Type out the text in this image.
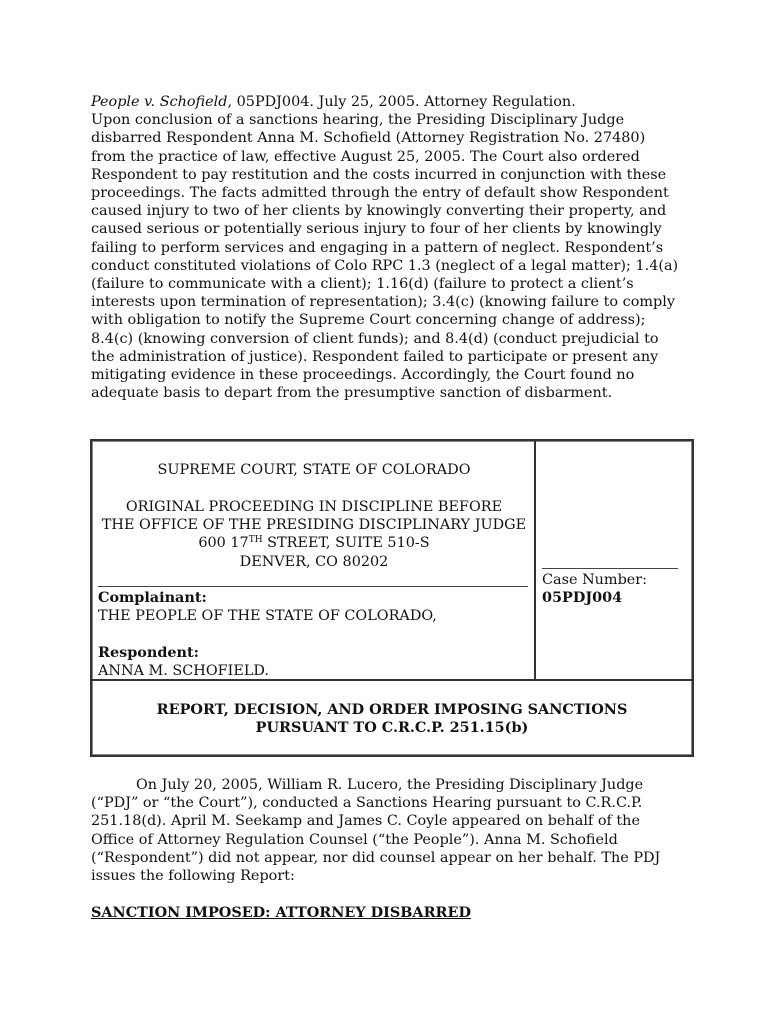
People v. Schofield, 05PDJ004. July 25, 2005. Attorney Regulation.

Upon conclusion of a sanctions hearing, the Presiding Disciplinary Judge

disbarred Respondent Anna M. Schofield (Attorney Registration No. 27480)

from the practice of law, effective August 25, 2005. The Court also ordered

Respondent to pay restitution and the costs incurred in conjunction with these

proceedings. The facts admitted through the entry of default show Respondent

caused injury to two of her clients by knowingly converting their property, and

caused serious or potentially serious injury to four of her clients by knowingly

failing to perform services and engaging in a pattern of neglect. Respondent’s

conduct constituted violations of Colo RPC 1.3 (neglect of a legal matter); 1.4(a)

(failure to communicate with a client); 1.16(d) (failure to protect a client’s

interests upon termination of representation); 3.4(c) (knowing failure to comply

with obligation to notify the Supreme Court concerning change of address);

8.4(c) (knowing conversion of client funds); and 8.4(d) (conduct prejudicial to

the administration of justice). Respondent failed to participate or present any

mitigating evidence in these proceedings. Accordingly, the Court found no

adequate basis to depart from the presumptive sanction of disbarment.

SUPREME COURT, STATE OF COLORADO

ORIGINAL PROCEEDING IN DISCIPLINE BEFORE

THE OFFICE OF THE PRESIDING DISCIPLINARY JUDGE

600 17TH STREET, SUITE 510-S

DENVER, CO 80202

Complainant:

THE PEOPLE OF THE STATE OF COLORADO,

Respondent:

ANNA M. SCHOFIELD.

Case Number:

05PDJ004

REPORT, DECISION, AND ORDER IMPOSING SANCTIONS

PURSUANT TO C.R.C.P. 251.15(b)

On July 20, 2005, William R. Lucero, the Presiding Disciplinary Judge
(“PDJ” or “the Court”), conducted a Sanctions Hearing pursuant to C.R.C.P.
251.18(d). April M. Seekamp and James C. Coyle appeared on behalf of the
Office of Attorney Regulation Counsel (“the People”). Anna M. Schofield
(“Respondent”) did not appear, nor did counsel appear on her behalf. The PDJ
issues the following Report:

SANCTION IMPOSED: ATTORNEY DISBARRED
